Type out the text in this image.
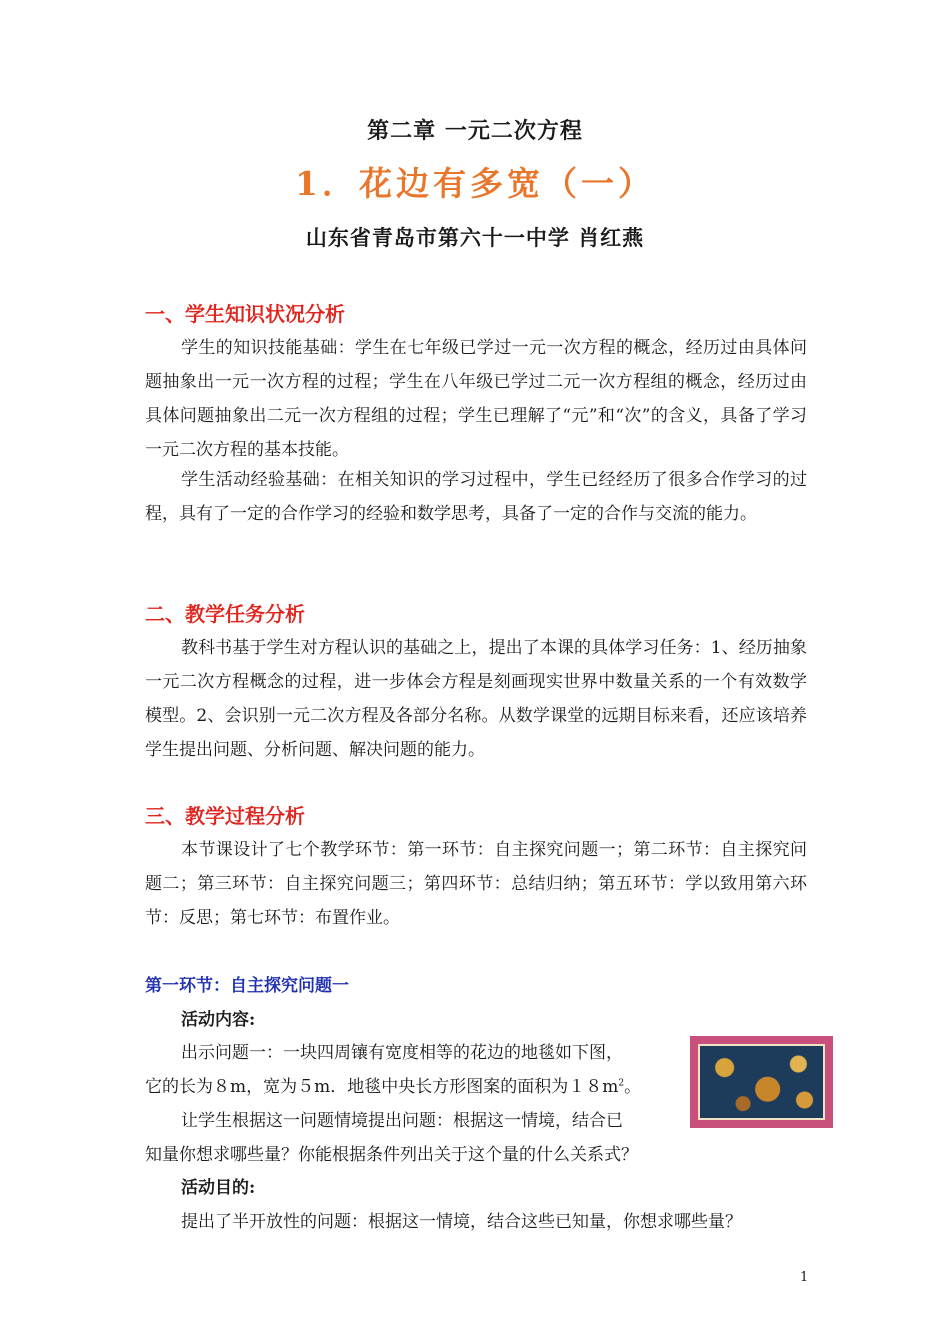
第二章 一元二次方程
1．花边有多宽（一）
山东省青岛市第六十一中学 肖红燕
一、学生知识状况分析

学生的知识技能基础：学生在七年级已学过一元一次方程的概念，经历过由具体问题抽象出一元一次方程的过程；学生在八年级已学过二元一次方程组的概念，经历过由具体问题抽象出二元一次方程组的过程；学生已理解了“元”和“次”的含义，具备了学习一元二次方程的基本技能。

学生活动经验基础：在相关知识的学习过程中，学生已经经历了很多合作学习的过程，具有了一定的合作学习的经验和数学思考，具备了一定的合作与交流的能力。

二、教学任务分析

教科书基于学生对方程认识的基础之上，提出了本课的具体学习任务：1、经历抽象一元二次方程概念的过程，进一步体会方程是刻画现实世界中数量关系的一个有效数学模型。2、会识别一元二次方程及各部分名称。从数学课堂的远期目标来看，还应该培养学生提出问题、分析问题、解决问题的能力。

三、教学过程分析

本节课设计了七个教学环节：第一环节：自主探究问题一；第二环节：自主探究问题二；第三环节：自主探究问题三；第四环节：总结归纳；第五环节：学以致用第六环节：反思；第七环节：布置作业。

第一环节：自主探究问题一
活动内容:

出示问题一：一块四周镶有宽度相等的花边的地毯如下图，

它的长为８m，宽为５m．地毯中央长方形图案的面积为$18m^2$。

让学生根据这一问题情境提出问题：根据这一情境，结合已

知量你想求哪些量？你能根据条件列出关于这个量的什么关系式？

活动目的:

提出了半开放性的问题：根据这一情境，结合这些已知量，你想求哪些量？

1
